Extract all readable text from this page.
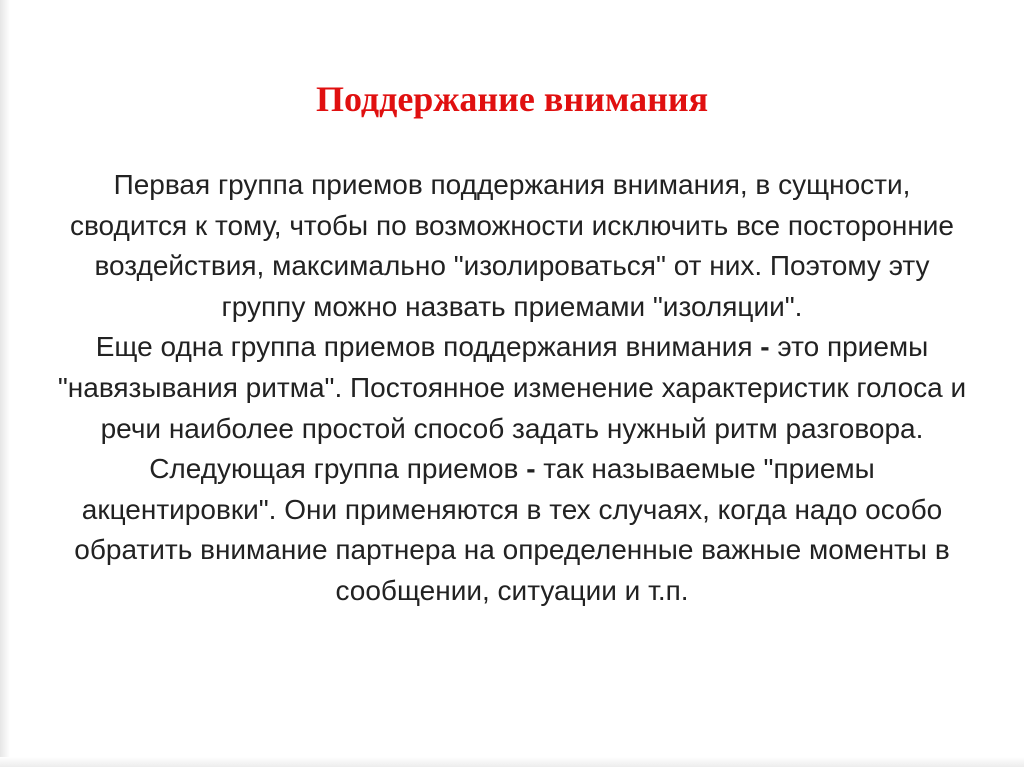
Поддержание внимания

Первая группа приемов поддержания внимания, в сущности, сводится к тому, чтобы по возможности исключить все посторонние воздействия, максимально "изолироваться" от них. Поэтому эту группу можно назвать приемами "изоляции".

Еще одна группа приемов поддержания внимания - это приемы "навязывания ритма". Постоянное изменение характеристик голоса и речи наиболее простой способ задать нужный ритм разговора.

Следующая группа приемов - так называемые "приемы акцентировки". Они применяются в тех случаях, когда надо особо обратить внимание партнера на определенные важные моменты в сообщении, ситуации и т.п.
